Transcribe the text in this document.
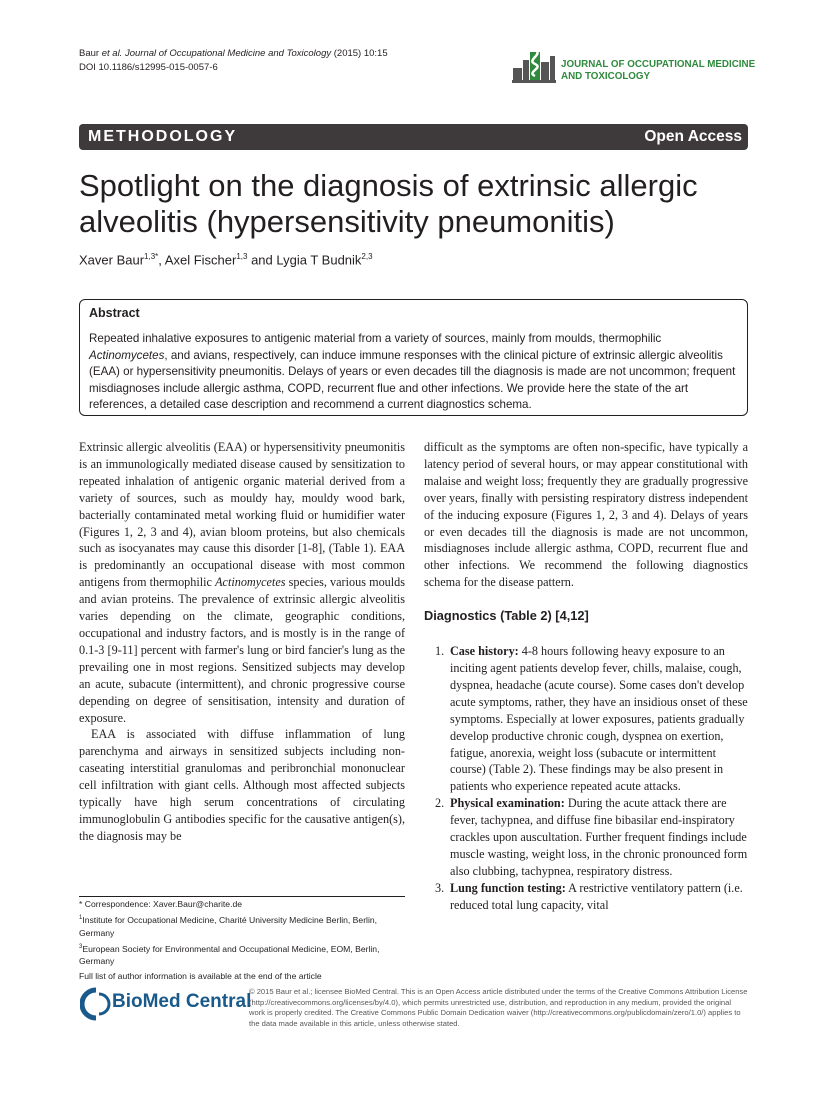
Baur et al. Journal of Occupational Medicine and Toxicology (2015) 10:15
DOI 10.1186/s12995-015-0057-6	JOURNAL OF OCCUPATIONAL MEDICINE
AND TOXICOLOGY
METHODOLOGY	Open Access
Spotlight on the diagnosis of extrinsic allergic
alveolitis (hypersensitivity pneumonitis)
Xaver Baur$^{1,3*}$, Axel Fischer$^{1,3}$ and Lygia T Budnik$^{2,3}$
Abstract
Repeated inhalative exposures to antigenic material from a variety of sources, mainly from moulds, thermophilic Actinomycetes, and avians, respectively, can induce immune responses with the clinical picture of extrinsic allergic alveolitis (EAA) or hypersensitivity pneumonitis. Delays of years or even decades till the diagnosis is made are not uncommon; frequent misdiagnoses include allergic asthma, COPD, recurrent flue and other infections. We provide here the state of the art references, a detailed case description and recommend a current diagnostics schema.

Extrinsic allergic alveolitis (EAA) or hypersensitivity pneumonitis is an immunologically mediated disease caused by sensitization to repeated inhalation of antigenic organic material derived from a variety of sources, such as mouldy hay, mouldy wood bark, bacterially contaminated metal working fluid or humidifier water (Figures 1, 2, 3 and 4), avian bloom proteins, but also chemicals such as isocyanates may cause this disorder [1-8], (Table 1). EAA is predominantly an occupational disease with most common antigens from thermophilic Actinomycetes species, various moulds and avian proteins. The prevalence of extrinsic allergic alveolitis varies depending on the climate, geographic conditions, occupational and industry factors, and is mostly is in the range of 0.1-3 [9-11] percent with farmer's lung or bird fancier's lung as the prevailing one in most regions. Sensitized subjects may develop an acute, subacute (intermittent), and chronic progressive course depending on degree of sensitisation, intensity and duration of exposure.

EAA is associated with diffuse inflammation of lung parenchyma and airways in sensitized subjects including non-caseating interstitial granulomas and peribronchial mononuclear cell infiltration with giant cells. Although most affected subjects typically have high serum concentrations of circulating immunoglobulin G antibodies specific for the causative antigen(s), the diagnosis may be

difficult as the symptoms are often non-specific, have typically a latency period of several hours, or may appear constitutional with malaise and weight loss; frequently they are gradually progressive over years, finally with persisting respiratory distress independent of the inducing exposure (Figures 1, 2, 3 and 4). Delays of years or even decades till the diagnosis is made are not uncommon, misdiagnoses include allergic asthma, COPD, recurrent flue and other infections. We recommend the following diagnostics schema for the disease pattern.

Diagnostics (Table 2) [4,12]
1. Case history: 4-8 hours following heavy exposure to an inciting agent patients develop fever, chills, malaise, cough, dyspnea, headache (acute course). Some cases don't develop acute symptoms, rather, they have an insidious onset of these symptoms. Especially at lower exposures, patients gradually develop productive chronic cough, dyspnea on exertion, fatigue, anorexia, weight loss (subacute or intermittent course) (Table 2). These findings may be also present in patients who experience repeated acute attacks.
2. Physical examination: During the acute attack there are fever, tachypnea, and diffuse fine bibasilar end-inspiratory crackles upon auscultation. Further frequent findings include muscle wasting, weight loss, in the chronic pronounced form also clubbing, tachypnea, respiratory distress.
3. Lung function testing: A restrictive ventilatory pattern (i.e. reduced total lung capacity, vital

* Correspondence: Xaver.Baur@charite.de

$^1$Institute for Occupational Medicine, Charité University Medicine Berlin, Berlin, Germany

$^3$European Society for Environmental and Occupational Medicine, EOM, Berlin, Germany

Full list of author information is available at the end of the article

BioMed Central
© 2015 Baur et al.; licensee BioMed Central. This is an Open Access article distributed under the terms of the Creative Commons Attribution License (http://creativecommons.org/licenses/by/4.0), which permits unrestricted use, distribution, and reproduction in any medium, provided the original work is properly credited. The Creative Commons Public Domain Dedication waiver (http://creativecommons.org/publicdomain/zero/1.0/) applies to the data made available in this article, unless otherwise stated.
